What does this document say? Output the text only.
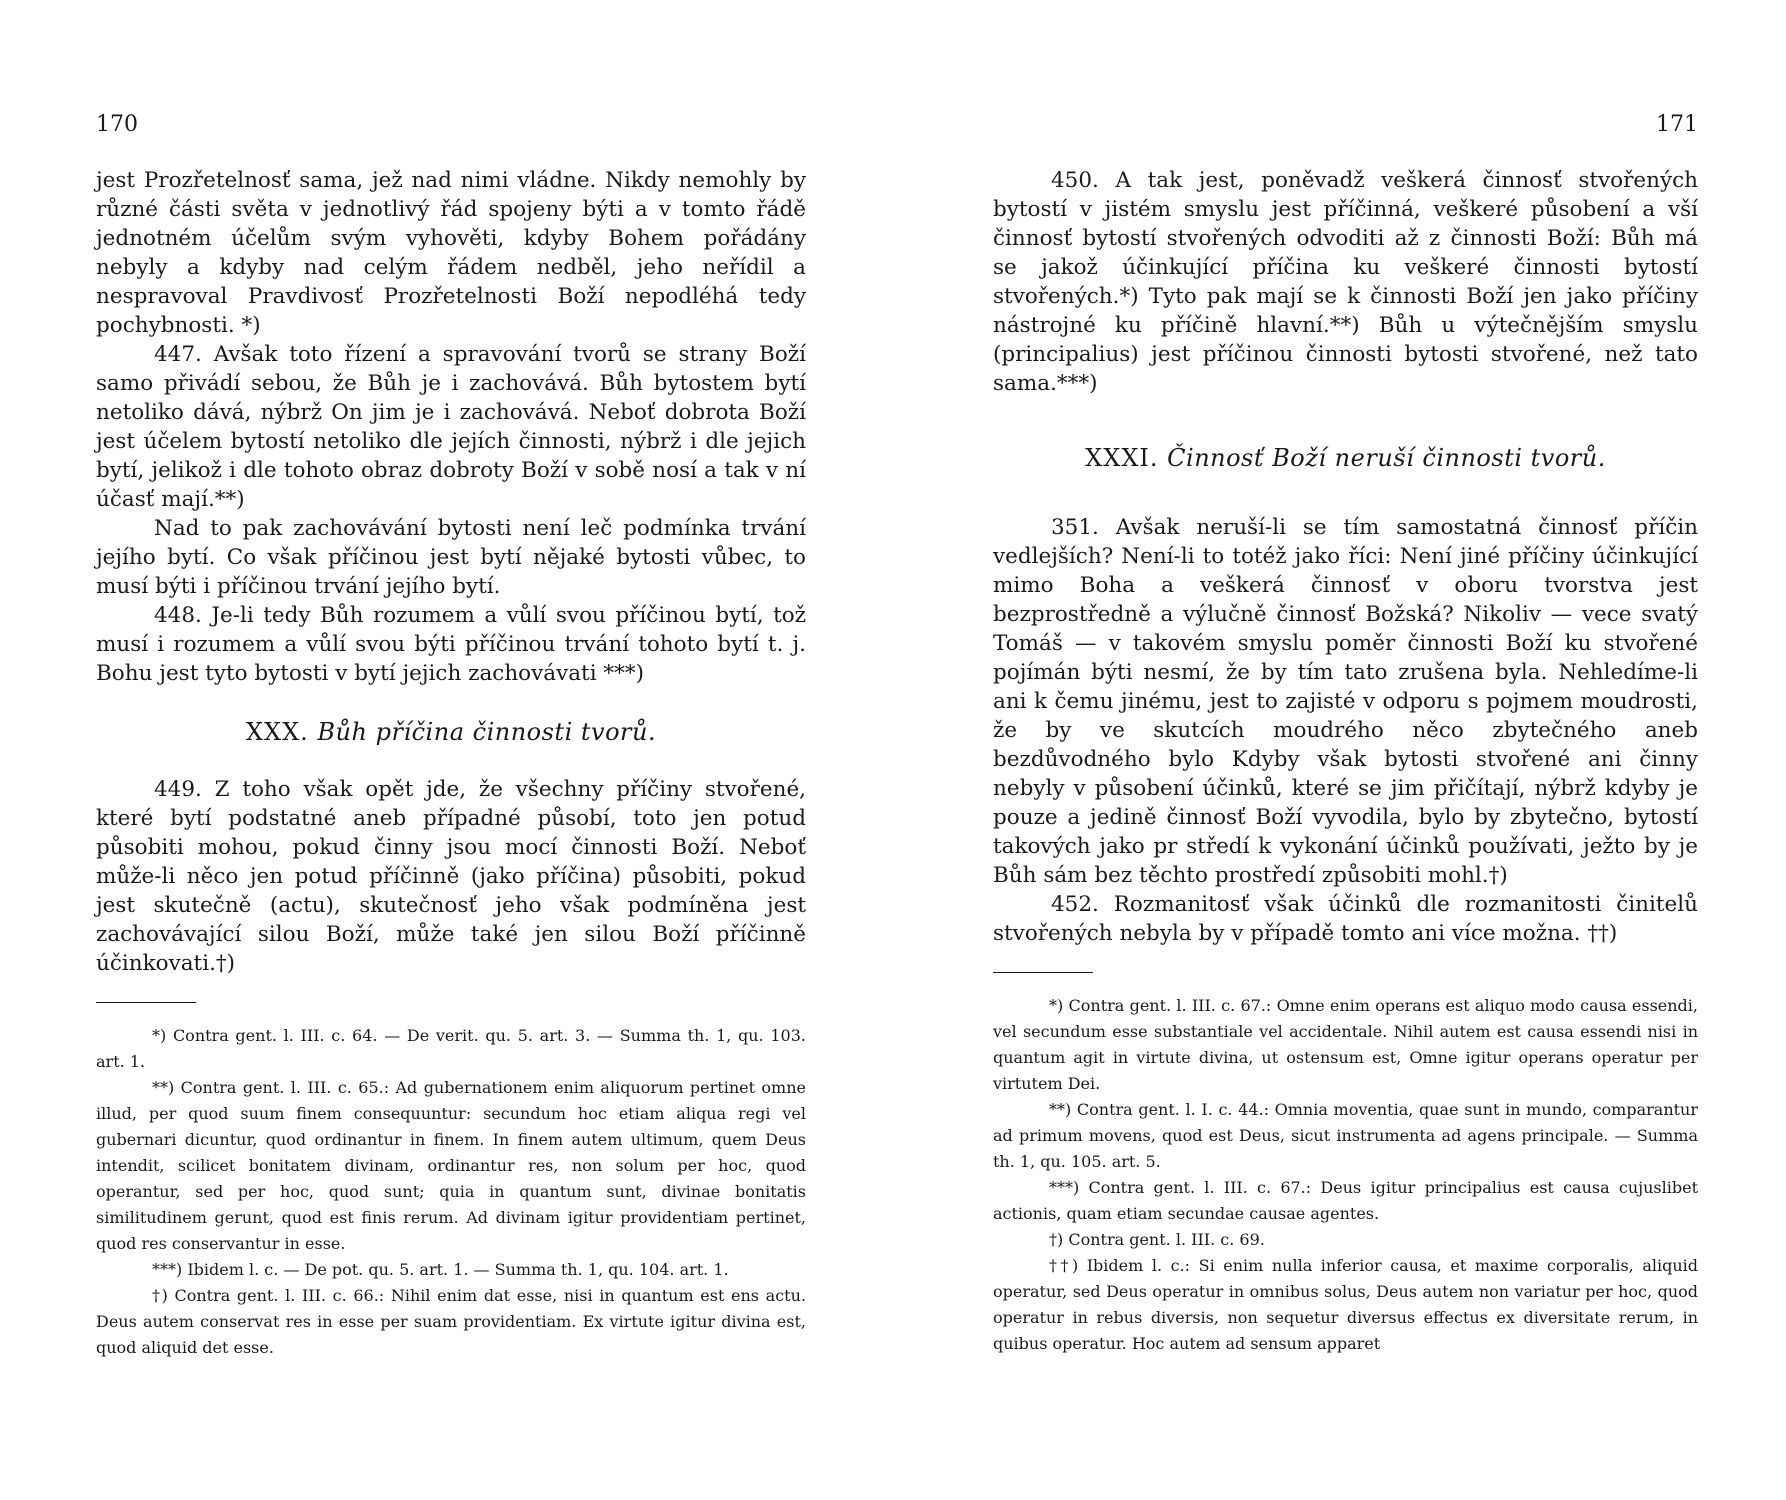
170

jest Prozřetelnosť sama, jež nad nimi vládne. Nikdy nemohly by různé části světa v jednotlivý řád spojeny býti a v tomto řádě jednotném účelům svým vyhověti, kdyby Bohem pořádány nebyly a kdyby nad celým řádem nedběl, jeho neřídil a nespravoval Pravdivosť Prozřetelnosti Boží nepodléhá tedy pochybnosti. *)

447. Avšak toto řízení a spravování tvorů se strany Boží samo přivádí sebou, že Bůh je i zachovává. Bůh bytostem bytí netoliko dává, nýbrž On jim je i zachovává. Neboť dobrota Boží jest účelem bytostí netoliko dle jejích činnosti, nýbrž i dle jejich bytí, jelikož i dle tohoto obraz dobroty Boží v sobě nosí a tak v ní účasť mají.**)

Nad to pak zachovávání bytosti není leč podmínka trvání jejího bytí. Co však příčinou jest bytí nějaké bytosti vůbec, to musí býti i příčinou trvání jejího bytí.

448. Je-li tedy Bůh rozumem a vůlí svou příčinou bytí, tož musí i rozumem a vůlí svou býti příčinou trvání tohoto bytí t. j. Bohu jest tyto bytosti v bytí jejich zachovávati ***)

XXX. Bůh příčina činnosti tvorů.

449. Z toho však opět jde, že všechny příčiny stvořené, které bytí podstatné aneb případné působí, toto jen potud působiti mohou, pokud činny jsou mocí činnosti Boží. Neboť může-li něco jen potud příčinně (jako příčina) působiti, pokud jest skutečně (actu), skutečnosť jeho však podmíněna jest zachovávající silou Boží, může také jen silou Boží příčinně účinkovati.†)

*) Contra gent. l. III. c. 64. — De verit. qu. 5. art. 3. — Summa th. 1, qu. 103. art. 1.

**) Contra gent. l. III. c. 65.: Ad gubernationem enim aliquorum pertinet omne illud, per quod suum finem consequuntur: secundum hoc etiam aliqua regi vel gubernari dicuntur, quod ordinantur in finem. In finem autem ultimum, quem Deus intendit, scilicet bonitatem divinam, ordinantur res, non solum per hoc, quod operantur, sed per hoc, quod sunt; quia in quantum sunt, divinae bonitatis similitudinem gerunt, quod est finis rerum. Ad divinam igitur providentiam pertinet, quod res conservantur in esse.

***) Ibidem l. c. — De pot. qu. 5. art. 1. — Summa th. 1, qu. 104. art. 1.

†) Contra gent. l. III. c. 66.: Nihil enim dat esse, nisi in quantum est ens actu. Deus autem conservat res in esse per suam providentiam. Ex virtute igitur divina est, quod aliquid det esse.

171

450. A tak jest, poněvadž veškerá činnosť stvořených bytostí v jistém smyslu jest příčinná, veškeré působení a vší činnosť bytostí stvořených odvoditi až z činnosti Boží: Bůh má se jakož účinkující příčina ku veškeré činnosti bytostí stvořených.*) Tyto pak mají se k činnosti Boží jen jako příčiny nástrojné ku příčině hlavní.**) Bůh u výtečnějším smyslu (principalius) jest příčinou činnosti bytosti stvořené, než tato sama.***)

XXXI. Činnosť Boží neruší činnosti tvorů.

351. Avšak neruší-li se tím samostatná činnosť příčin vedlejších? Není-li to totéž jako říci: Není jiné příčiny účinkující mimo Boha a veškerá činnosť v oboru tvorstva jest bezprostředně a výlučně činnosť Božská? Nikoliv — vece svatý Tomáš — v takovém smyslu poměr činnosti Boží ku stvořené pojímán býti nesmí, že by tím tato zrušena byla. Nehledíme-li ani k čemu jinému, jest to zajisté v odporu s pojmem moudrosti, že by ve skutcích moudrého něco zbytečného aneb bezdůvodného bylo Kdyby však bytosti stvořené ani činny nebyly v působení účinků, které se jim přičítají, nýbrž kdyby je pouze a jedině činnosť Boží vyvodila, bylo by zbytečno, bytostí takových jako pr středí k vykonání účinků používati, ježto by je Bůh sám bez těchto prostředí způsobiti mohl.†)

452. Rozmanitosť však účinků dle rozmanitosti činitelů stvořených nebyla by v případě tomto ani více možna. ††)

*) Contra gent. l. III. c. 67.: Omne enim operans est aliquo modo causa essendi, vel secundum esse substantiale vel accidentale. Nihil autem est causa essendi nisi in quantum agit in virtute divina, ut ostensum est, Omne igitur operans operatur per virtutem Dei.

**) Contra gent. l. I. c. 44.: Omnia moventia, quae sunt in mundo, comparantur ad primum movens, quod est Deus, sicut instrumenta ad agens principale. — Summa th. 1, qu. 105. art. 5.

***) Contra gent. l. III. c. 67.: Deus igitur principalius est causa cujuslibet actionis, quam etiam secundae causae agentes.

†) Contra gent. l. III. c. 69.

††) Ibidem l. c.: Si enim nulla inferior causa, et maxime corporalis, aliquid operatur, sed Deus operatur in omnibus solus, Deus autem non variatur per hoc, quod operatur in rebus diversis, non sequetur diversus effectus ex diversitate rerum, in quibus operatur. Hoc autem ad sensum apparet
